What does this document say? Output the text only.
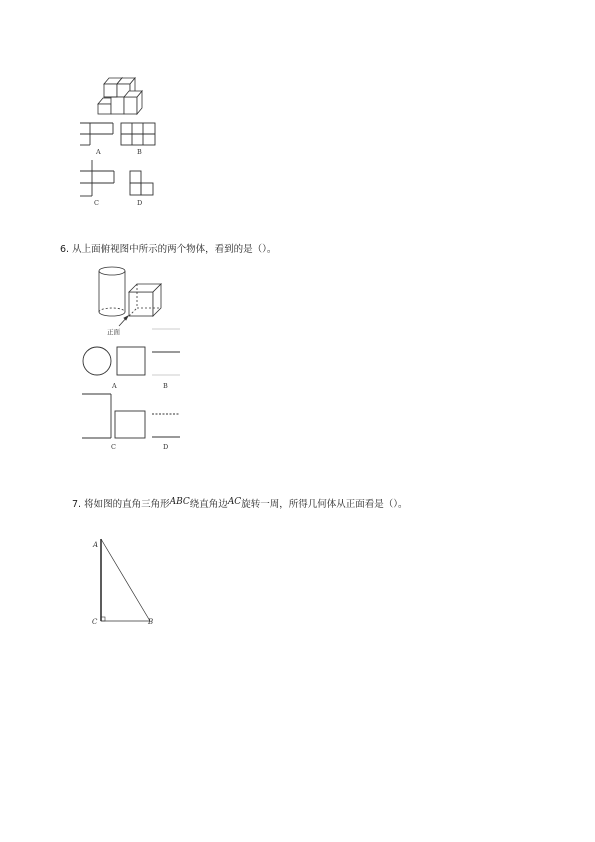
A	B
C	D
正面
A	B
C	D
A
C	B
6. 从上面俯视图中所示的两个物体，看到的是（）。
7. 将如图的直角三角形ABC绕直角边AC旋转一周，所得几何体从正面看是（）。
